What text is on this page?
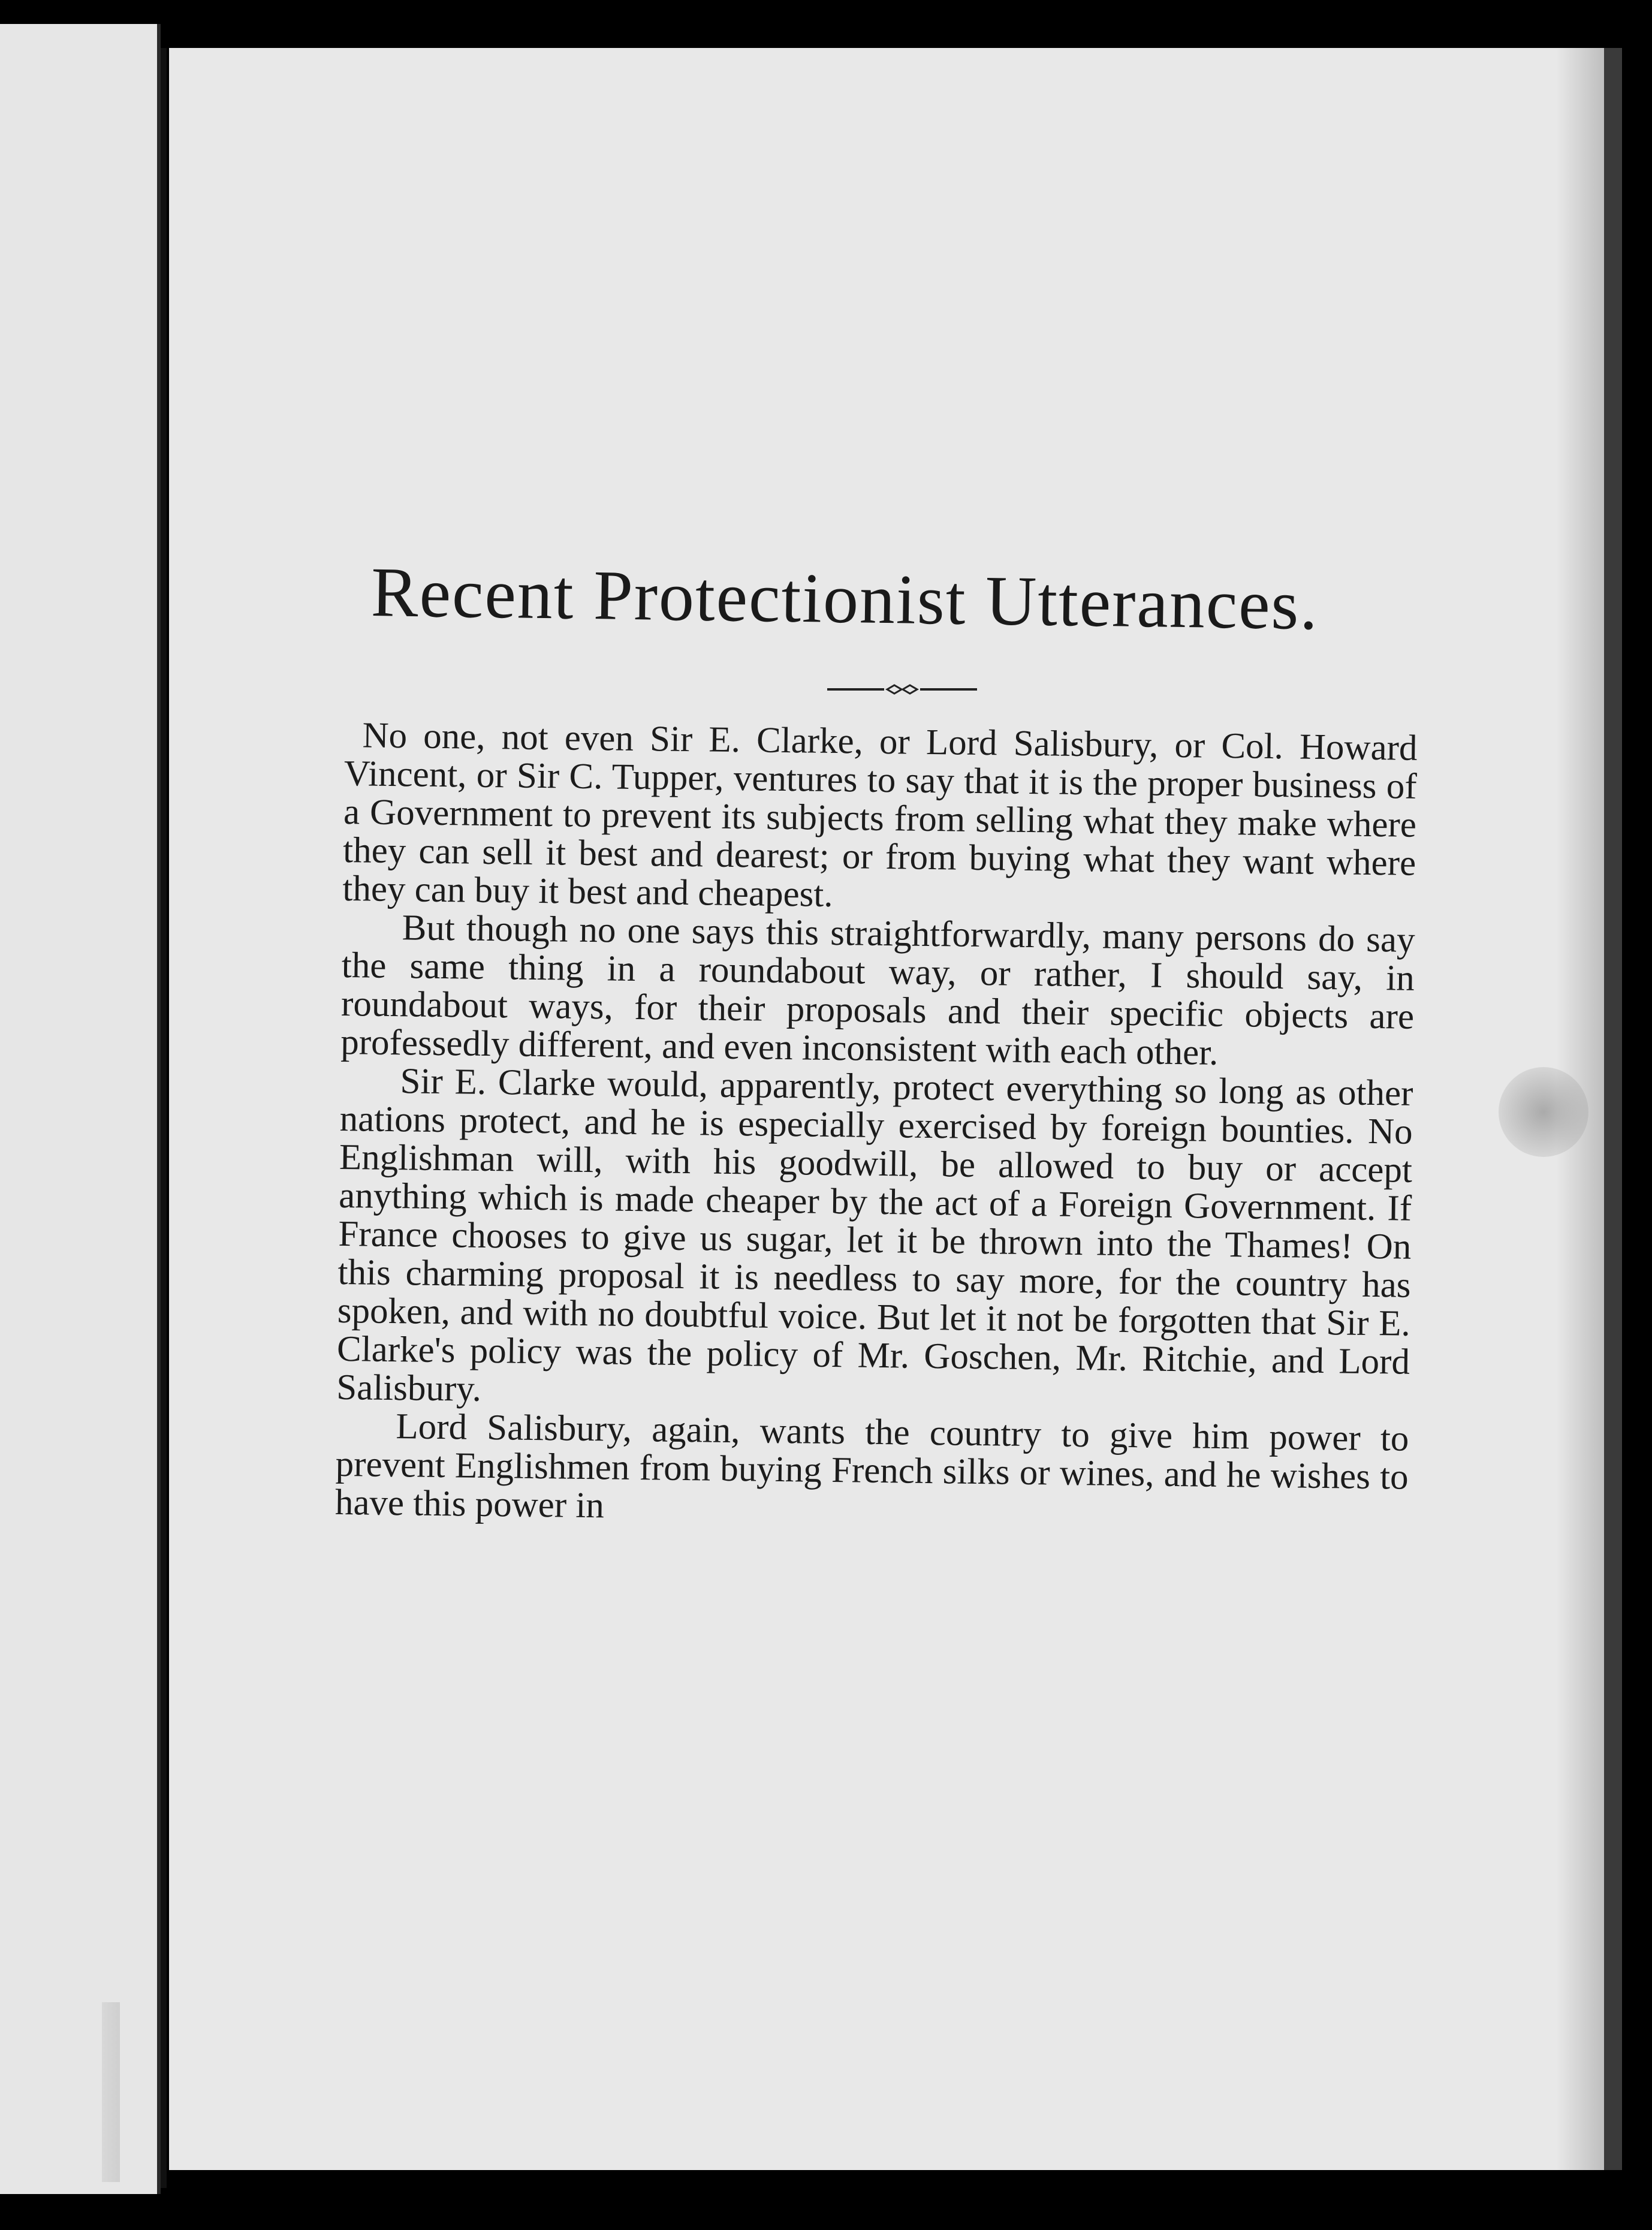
Recent Protectionist Utterances.

No one, not even Sir E. Clarke, or Lord Salisbury, or Col. Howard Vincent, or Sir C. Tupper, ventures to say that it is the proper business of a Government to prevent its subjects from selling what they make where they can sell it best and dearest; or from buying what they want where they can buy it best and cheapest.

But though no one says this straightforwardly, many persons do say the same thing in a roundabout way, or rather, I should say, in roundabout ways, for their proposals and their specific objects are professedly different, and even inconsistent with each other.

Sir E. Clarke would, apparently, protect everything so long as other nations protect, and he is especially exercised by foreign bounties. No Englishman will, with his goodwill, be allowed to buy or accept anything which is made cheaper by the act of a Foreign Government. If France chooses to give us sugar, let it be thrown into the Thames! On this charming proposal it is needless to say more, for the country has spoken, and with no doubtful voice. But let it not be forgotten that Sir E. Clarke's policy was the policy of Mr. Goschen, Mr. Ritchie, and Lord Salisbury.

Lord Salisbury, again, wants the country to give him power to prevent Englishmen from buying French silks or wines, and he wishes to have this power in
